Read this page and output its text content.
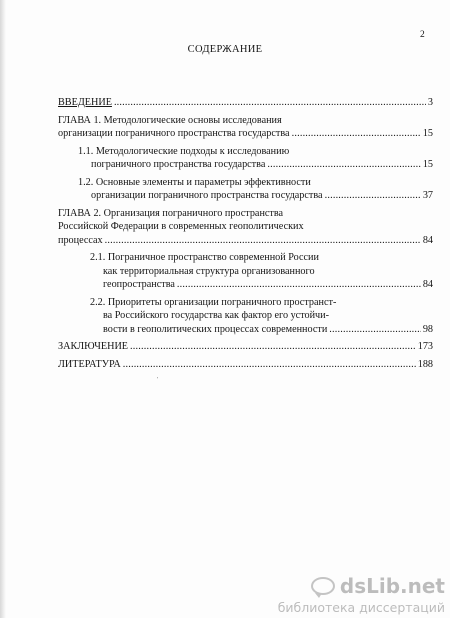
2
СОДЕРЖАНИЕ
ВВЕДЕНИЕ .....	3
ГЛАВА 1. Методологические основы исследования
организации пограничного пространства государства .....	15
1.1. Методологические подходы к исследованию
пограничного пространства государства .....	15
1.2. Основные элементы и параметры эффективности
организации пограничного пространства государства .....	37
ГЛАВА 2. Организация пограничного пространства
Российской Федерации в современных геополитических
процессах .....	84
2.1. Пограничное пространство современной России
как территориальная структура организованного
геопространства .....	84
2.2. Приоритеты организации пограничного пространст-
ва Российского государства как фактор его устойчи-
вости в геополитических процессах современности .....	98
ЗАКЛЮЧЕНИЕ .....	173
ЛИТЕРАТУРА .....	188
'
dsLib.net
библиотека диссертаций
